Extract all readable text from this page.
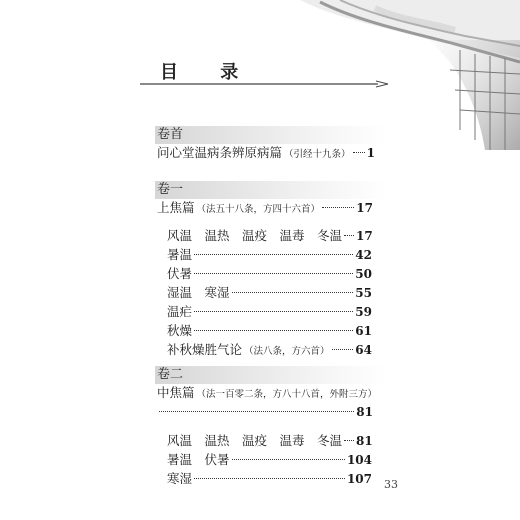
目 录
卷首
问心堂温病条辨原病篇 （引经十九条） 1
卷一
上焦篇 （法五十八条，方四十六首）	17
风温　温热　温疫　温毒　冬温 17
暑温	42
伏暑	50
湿温　寒湿	55
温疟	59
秋燥	61
补秋燥胜气论 （法八条，方六首） 64
卷二
中焦篇 （法一百零二条，方八十八首，外附三方）
81
风温　温热　温疫　温毒　冬温 81
暑温　伏暑	104
寒湿	107 33
